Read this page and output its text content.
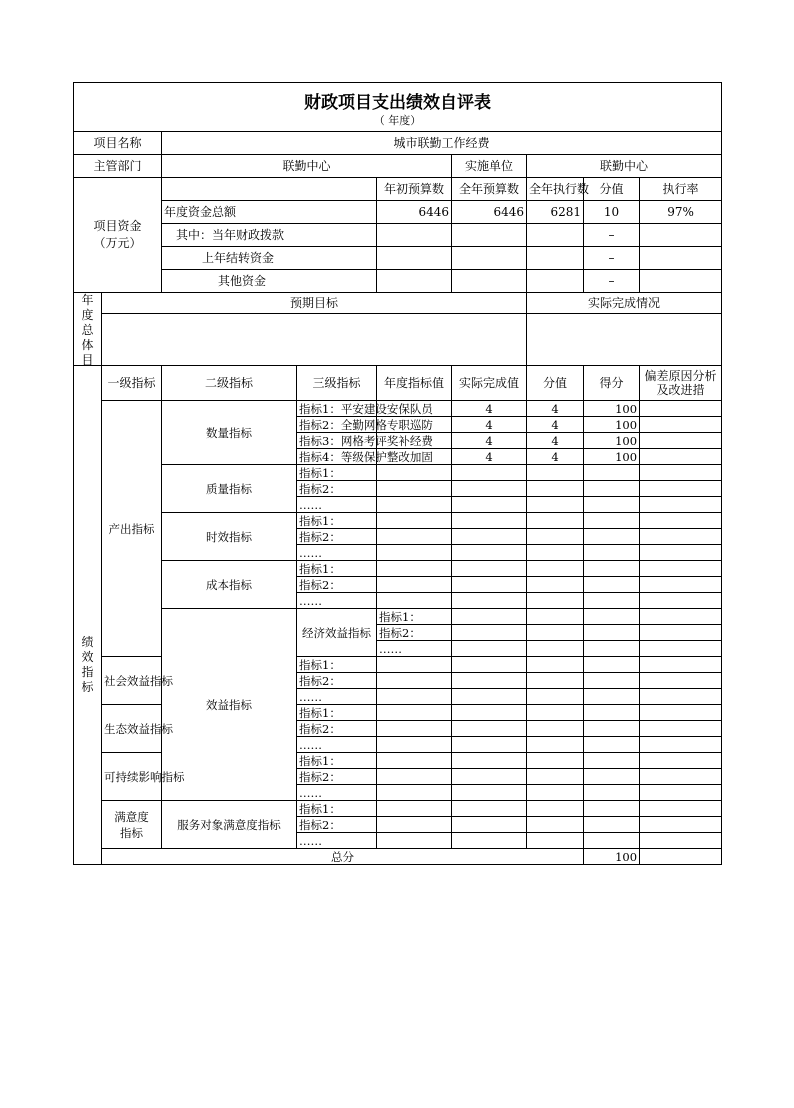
财政项目支出绩效自评表
（ 年度）							

项目名称	城市联勤工作经费						
主管部门	联勤中心		实施单位	联勤中心			
项目资金（万元）		年初预算数	全年预算数	全年执行数	分值	执行率	
	年度资金总额	6446	6446	6281	10	97%	
	其中：当年财政拨款				–		
	上年结转资金				–		
	其他资金				–		
年度总体目	预期目标					实际完成情况			

绩效指标	一级指标	二级指标	三级指标	年度指标值	实际完成值	分值	得分	偏差原因分析及改进措	

	产出指标	数量指标	指标1：平安建设安保队员		4	4	100		
			指标2：全勤网格专职巡防		4	4	100		
			指标3：网格考评奖补经费		4	4	100		
			指标4：等级保护整改加固		4	4	100		
		质量指标	指标1：						
			指标2：						
			……						
		时效指标	指标1：						
			指标2：						
			……						
		成本指标	指标1：						
			指标2：						
			……						
		效益指标	经济效益指标	指标1：					
				指标2：					
				……					
	社会效益指标		指标1：						
			指标2：						
			……						
	生态效益指标		指标1：						
			指标2：						
			……						
	可持续影响指标		指标1：						
			指标2：						
			……						

	满意度指标	服务对象满意度指标	指标1：						
			指标2：						
			……						
	总分						100		
